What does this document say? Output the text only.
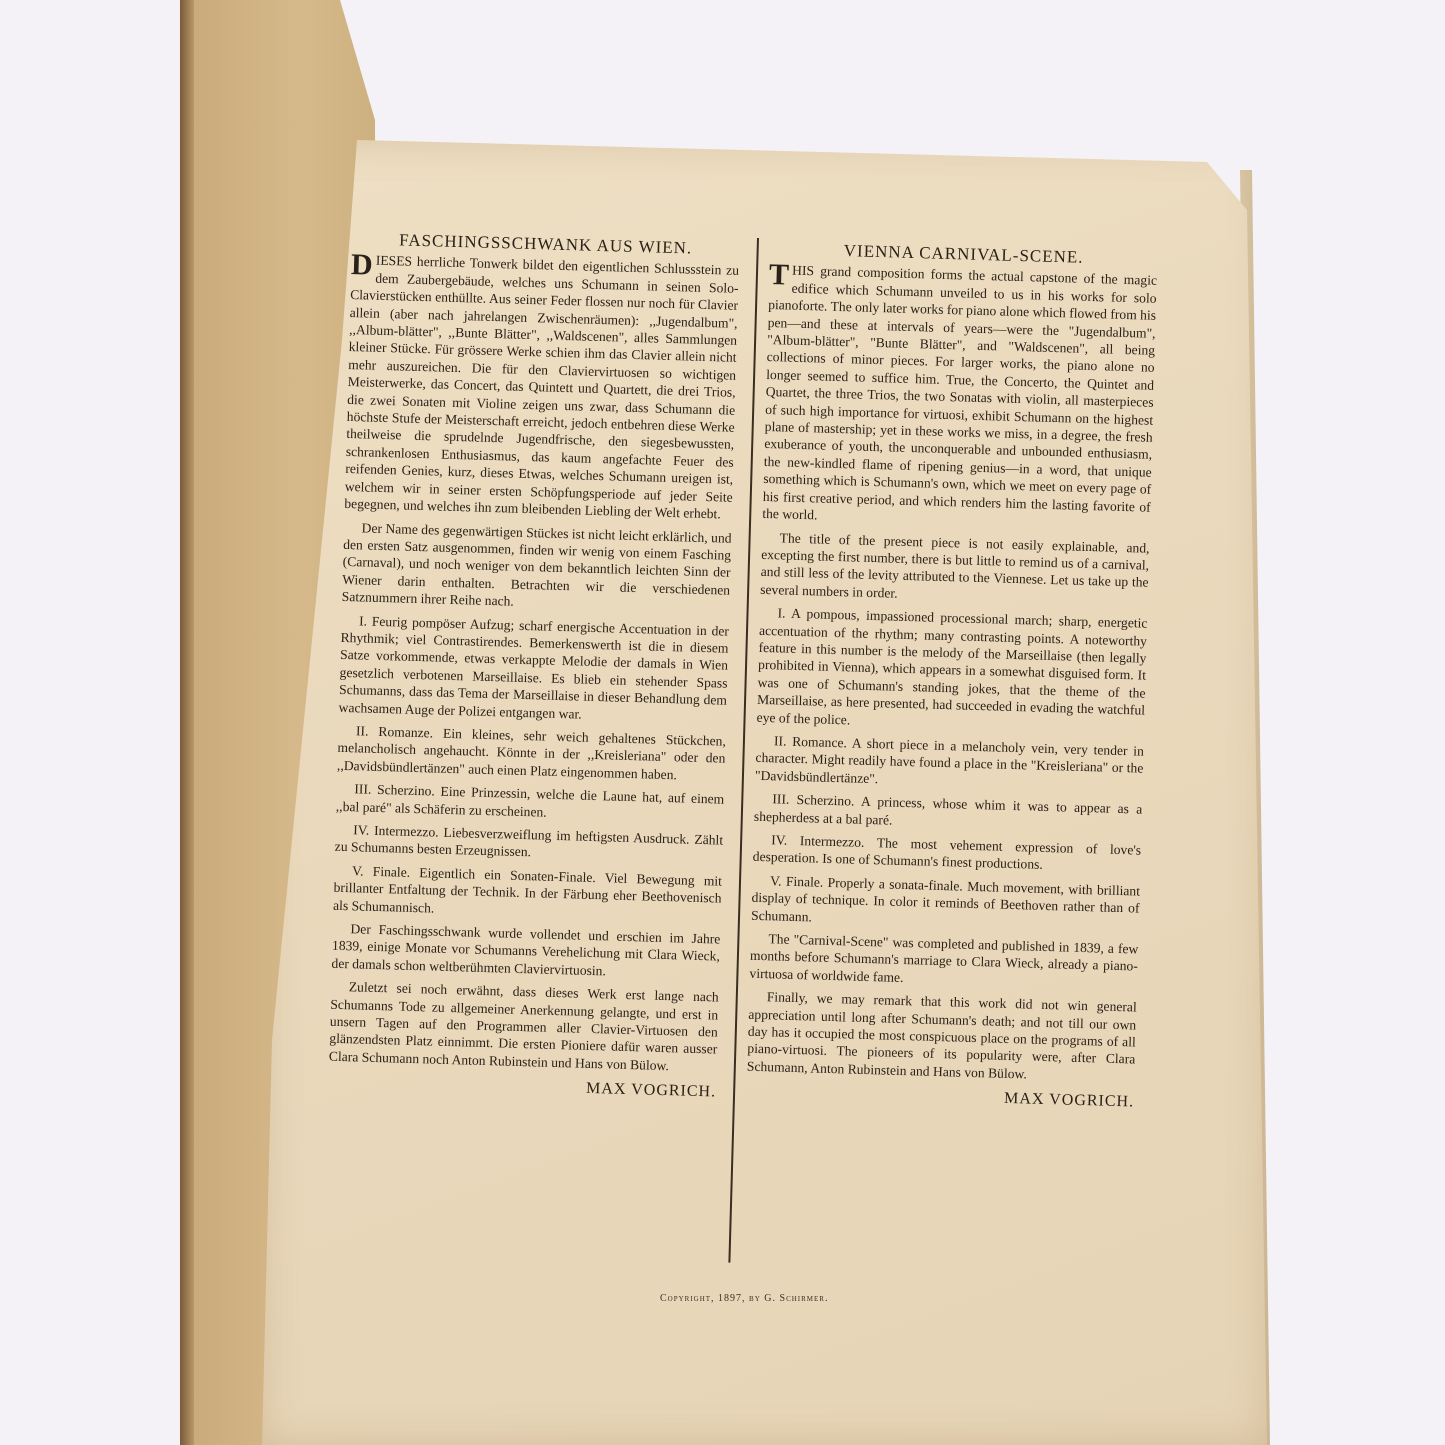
FASCHINGSSCHWANK AUS WIEN.

DIESES herrliche Tonwerk bildet den eigentlichen Schlussstein zu dem Zaubergebäude, welches uns Schumann in seinen Solo-Clavierstücken enthüllte. Aus seiner Feder flossen nur noch für Clavier allein (aber nach jahrelangen Zwischenräumen): ,,Jugendalbum", ,,Album-blätter", ,,Bunte Blätter", ,,Waldscenen", alles Sammlungen kleiner Stücke. Für grössere Werke schien ihm das Clavier allein nicht mehr auszureichen. Die für den Claviervirtuosen so wichtigen Meisterwerke, das Concert, das Quintett und Quartett, die drei Trios, die zwei Sonaten mit Violine zeigen uns zwar, dass Schumann die höchste Stufe der Meisterschaft erreicht, jedoch entbehren diese Werke theilweise die sprudelnde Jugendfrische, den siegesbewussten, schrankenlosen Enthusiasmus, das kaum angefachte Feuer des reifenden Genies, kurz, dieses Etwas, welches Schumann ureigen ist, welchem wir in seiner ersten Schöpfungsperiode auf jeder Seite begegnen, und welches ihn zum bleibenden Liebling der Welt erhebt.

Der Name des gegenwärtigen Stückes ist nicht leicht erklärlich, und den ersten Satz ausgenommen, finden wir wenig von einem Fasching (Carnaval), und noch weniger von dem bekanntlich leichten Sinn der Wiener darin enthalten. Betrachten wir die verschiedenen Satznummern ihrer Reihe nach.

I. Feurig pompöser Aufzug; scharf energische Accentuation in der Rhythmik; viel Contrastirendes. Bemerkenswerth ist die in diesem Satze vorkommende, etwas verkappte Melodie der damals in Wien gesetzlich verbotenen Marseillaise. Es blieb ein stehender Spass Schumanns, dass das Tema der Marseillaise in dieser Behandlung dem wachsamen Auge der Polizei entgangen war.

II. Romanze. Ein kleines, sehr weich gehaltenes Stückchen, melancholisch angehaucht. Könnte in der ,,Kreisleriana" oder den ,,Davidsbündlertänzen" auch einen Platz eingenommen haben.

III. Scherzino. Eine Prinzessin, welche die Laune hat, auf einem ,,bal paré" als Schäferin zu erscheinen.

IV. Intermezzo. Liebesverzweiflung im heftigsten Ausdruck. Zählt zu Schumanns besten Erzeugnissen.

V. Finale. Eigentlich ein Sonaten-Finale. Viel Bewegung mit brillanter Entfaltung der Technik. In der Färbung eher Beethovenisch als Schumannisch.

Der Faschingsschwank wurde vollendet und erschien im Jahre 1839, einige Monate vor Schumanns Verehelichung mit Clara Wieck, der damals schon weltberühmten Claviervirtuosin.

Zuletzt sei noch erwähnt, dass dieses Werk erst lange nach Schumanns Tode zu allgemeiner Anerkennung gelangte, und erst in unsern Tagen auf den Programmen aller Clavier-Virtuosen den glänzendsten Platz einnimmt. Die ersten Pioniere dafür waren ausser Clara Schumann noch Anton Rubinstein und Hans von Bülow.

MAX VOGRICH.

VIENNA CARNIVAL-SCENE.

THIS grand composition forms the actual capstone of the magic edifice which Schumann unveiled to us in his works for solo pianoforte. The only later works for piano alone which flowed from his pen—and these at intervals of years—were the "Jugendalbum", "Album-blätter", "Bunte Blätter", and "Waldscenen", all being collections of minor pieces. For larger works, the piano alone no longer seemed to suffice him. True, the Concerto, the Quintet and Quartet, the three Trios, the two Sonatas with violin, all masterpieces of such high importance for virtuosi, exhibit Schumann on the highest plane of mastership; yet in these works we miss, in a degree, the fresh exuberance of youth, the unconquerable and unbounded enthusiasm, the new-kindled flame of ripening genius—in a word, that unique something which is Schumann's own, which we meet on every page of his first creative period, and which renders him the lasting favorite of the world.

The title of the present piece is not easily explainable, and, excepting the first number, there is but little to remind us of a carnival, and still less of the levity attributed to the Viennese. Let us take up the several numbers in order.

I. A pompous, impassioned processional march; sharp, energetic accentuation of the rhythm; many contrasting points. A noteworthy feature in this number is the melody of the Marseillaise (then legally prohibited in Vienna), which appears in a somewhat disguised form. It was one of Schumann's standing jokes, that the theme of the Marseillaise, as here presented, had succeeded in evading the watchful eye of the police.

II. Romance. A short piece in a melancholy vein, very tender in character. Might readily have found a place in the "Kreisleriana" or the "Davidsbündlertänze".

III. Scherzino. A princess, whose whim it was to appear as a shepherdess at a bal paré.

IV. Intermezzo. The most vehement expression of love's desperation. Is one of Schumann's finest productions.

V. Finale. Properly a sonata-finale. Much movement, with brilliant display of technique. In color it reminds of Beethoven rather than of Schumann.

The "Carnival-Scene" was completed and published in 1839, a few months before Schumann's marriage to Clara Wieck, already a piano-virtuosa of worldwide fame.

Finally, we may remark that this work did not win general appreciation until long after Schumann's death; and not till our own day has it occupied the most conspicuous place on the programs of all piano-virtuosi. The pioneers of its popularity were, after Clara Schumann, Anton Rubinstein and Hans von Bülow.

MAX VOGRICH.

Copyright, 1897, by G. Schirmer.
